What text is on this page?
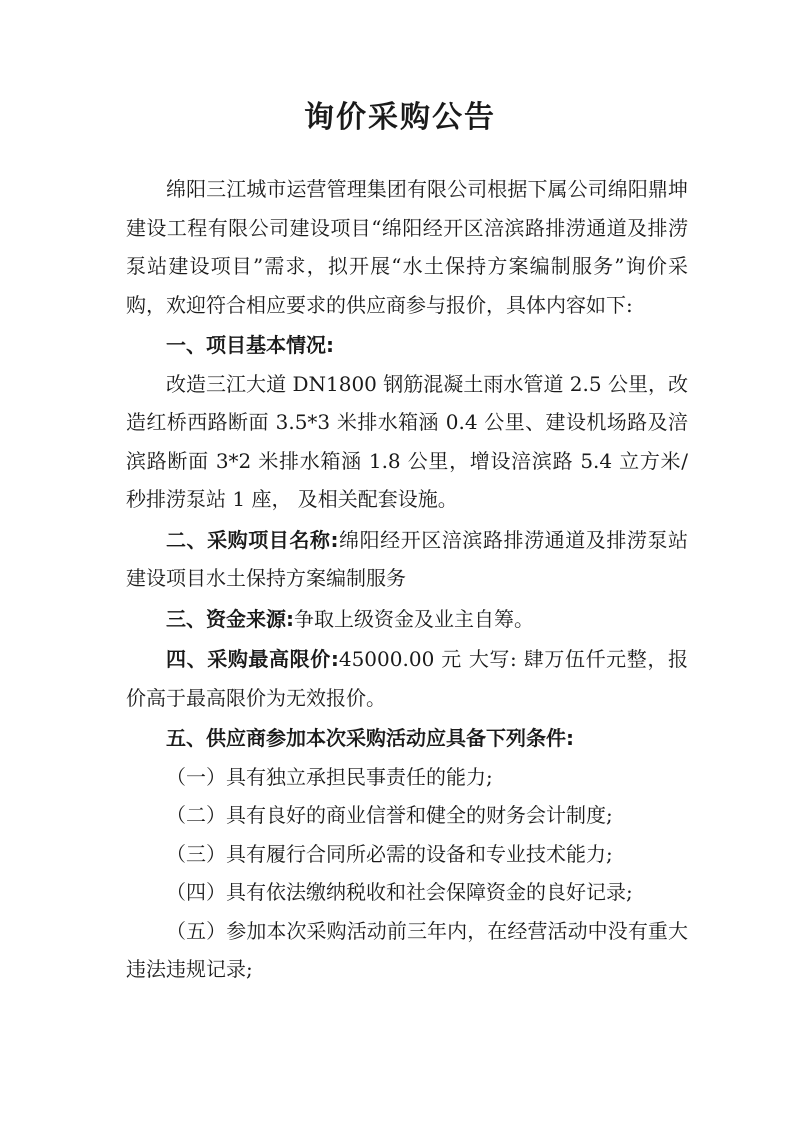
询价采购公告

绵阳三江城市运营管理集团有限公司根据下属公司绵阳鼎坤建设工程有限公司建设项目“绵阳经开区涪滨路排涝通道及排涝泵站建设项目”需求，拟开展“水土保持方案编制服务”询价采购，欢迎符合相应要求的供应商参与报价，具体内容如下:

一、项目基本情况:

改造三江大道 DN1800 钢筋混凝土雨水管道 2.5 公里，改造红桥西路断面 3.5*3 米排水箱涵 0.4 公里、建设机场路及涪滨路断面 3*2 米排水箱涵 1.8 公里，增设涪滨路 5.4 立方米/秒排涝泵站 1 座， 及相关配套设施。

二、采购项目名称:绵阳经开区涪滨路排涝通道及排涝泵站建设项目水土保持方案编制服务

三、资金来源:争取上级资金及业主自筹。

四、采购最高限价:45000.00 元 大写: 肆万伍仟元整，报价高于最高限价为无效报价。

五、供应商参加本次采购活动应具备下列条件:

（一）具有独立承担民事责任的能力;

（二）具有良好的商业信誉和健全的财务会计制度;

（三）具有履行合同所必需的设备和专业技术能力;

（四）具有依法缴纳税收和社会保障资金的良好记录;

（五）参加本次采购活动前三年内，在经营活动中没有重大违法违规记录;
